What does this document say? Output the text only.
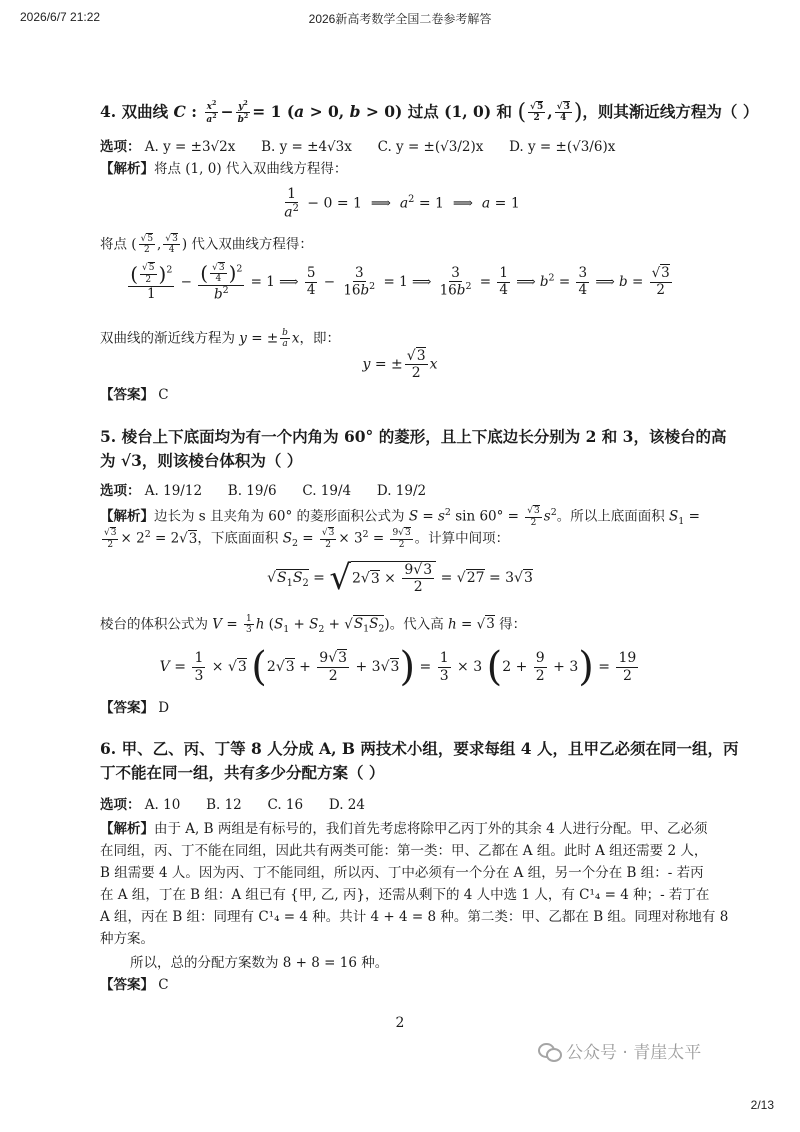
2026/6/7 21:22	2026新高考数学全国二卷参考解答
4. 双曲线 C : $\frac{x^2}{a^2} - \frac{y^2}{b^2} = 1$ (a > 0, b > 0) 过点 (1, 0) 和 ( $\frac{√5}{2}$ , $\frac{√3}{4}$ )，则其渐近线方程为（ ）
选项： A. y = ±3√2x B. y = ±4√3x C. y = ±(√3/2)x D. y = ±(√3/6)x
【解析】将点 (1, 0) 代入双曲线方程得：
$\frac{1}{a^2} - 0 = 1$  ⟹  $a^2 = 1$  ⟹  a = 1
将点 ( $\frac{√5}{2}$ , $\frac{√3}{4}$ ) 代入双曲线方程得：
$\frac{( \frac{√5}{2} )^2}{1} - \frac{( \frac{√3}{4} )^2}{b^2} = 1$ ⟹ $\frac{5}{4} - \frac{3}{16b^2} = 1$ ⟹ $\frac{3}{16b^2} = \frac{1}{4}$ ⟹ $b^2 = \frac{3}{4}$ ⟹ $b = \frac{√3}{2}$
双曲线的渐近线方程为 y = ± $\frac{b}{a}$ x，即：
y = ± $\frac{√3}{2}$ x
【答案】 C
5. 棱台上下底面均为有一个内角为 60° 的菱形，且上下底边长分别为 2 和 3，该棱台的高
为 √3，则该棱台体积为（ ）
选项： A. 19/12 B. 19/6 C. 19/4 D. 19/2
【解析】边长为 s 且夹角为 60° 的菱形面积公式为 $S = s^2$ $\sin 60^\circ = \frac{√3}{2} s^2$。所以上底面面积 $S_1$ =
$\frac{√3}{2} \times 2^2 = 2√3$，下底面面积 $S_2 = \frac{√3}{2} \times 3^2 = \frac{9√3}{2}$ 。计算中间项：
$√S_1S_2 = √2√3 \times \frac{9√3}{2} = √27 = 3√3$
棱台的体积公式为 $V = \frac{1}{3}$ h $(S_1 + S_2 + √S_1S_2)$。代入高 h = √3 得：
$V = \frac{1}{3} \times √3$ $(2√3 + \frac{9√3}{2} + 3√3) = \frac{1}{3} \times 3$ $(2 + \frac{9}{2} + 3) = \frac{19}{2}$
【答案】 D
6. 甲、乙、丙、丁等 8 人分成 A, B 两技术小组，要求每组 4 人，且甲乙必须在同一组，丙
丁不能在同一组，共有多少分配方案（ ）
选项： A. 10 B. 12 C. 16 D. 24
【解析】由于 A, B 两组是有标号的，我们首先考虑将除甲乙丙丁外的其余 4 人进行分配。甲、乙必须
在同组，丙、丁不能在同组，因此共有两类可能：第一类：甲、乙都在 A 组。此时 A 组还需要 2 人，
B 组需要 4 人。因为丙、丁不能同组，所以丙、丁中必须有一个分在 A 组，另一个分在 B 组：- 若丙
在 A 组，丁在 B 组：A 组已有 {甲, 乙, 丙}，还需从剩下的 4 人中选 1 人，有 C¹₄ = 4 种；- 若丁在
A 组，丙在 B 组：同理有 C¹₄ = 4 种。共计 4 + 4 = 8 种。第二类：甲、乙都在 B 组。同理对称地有 8
种方案。
所以，总的分配方案数为 8 + 8 = 16 种。
【答案】 C
2
公众号 · 青崖太平
2/13
